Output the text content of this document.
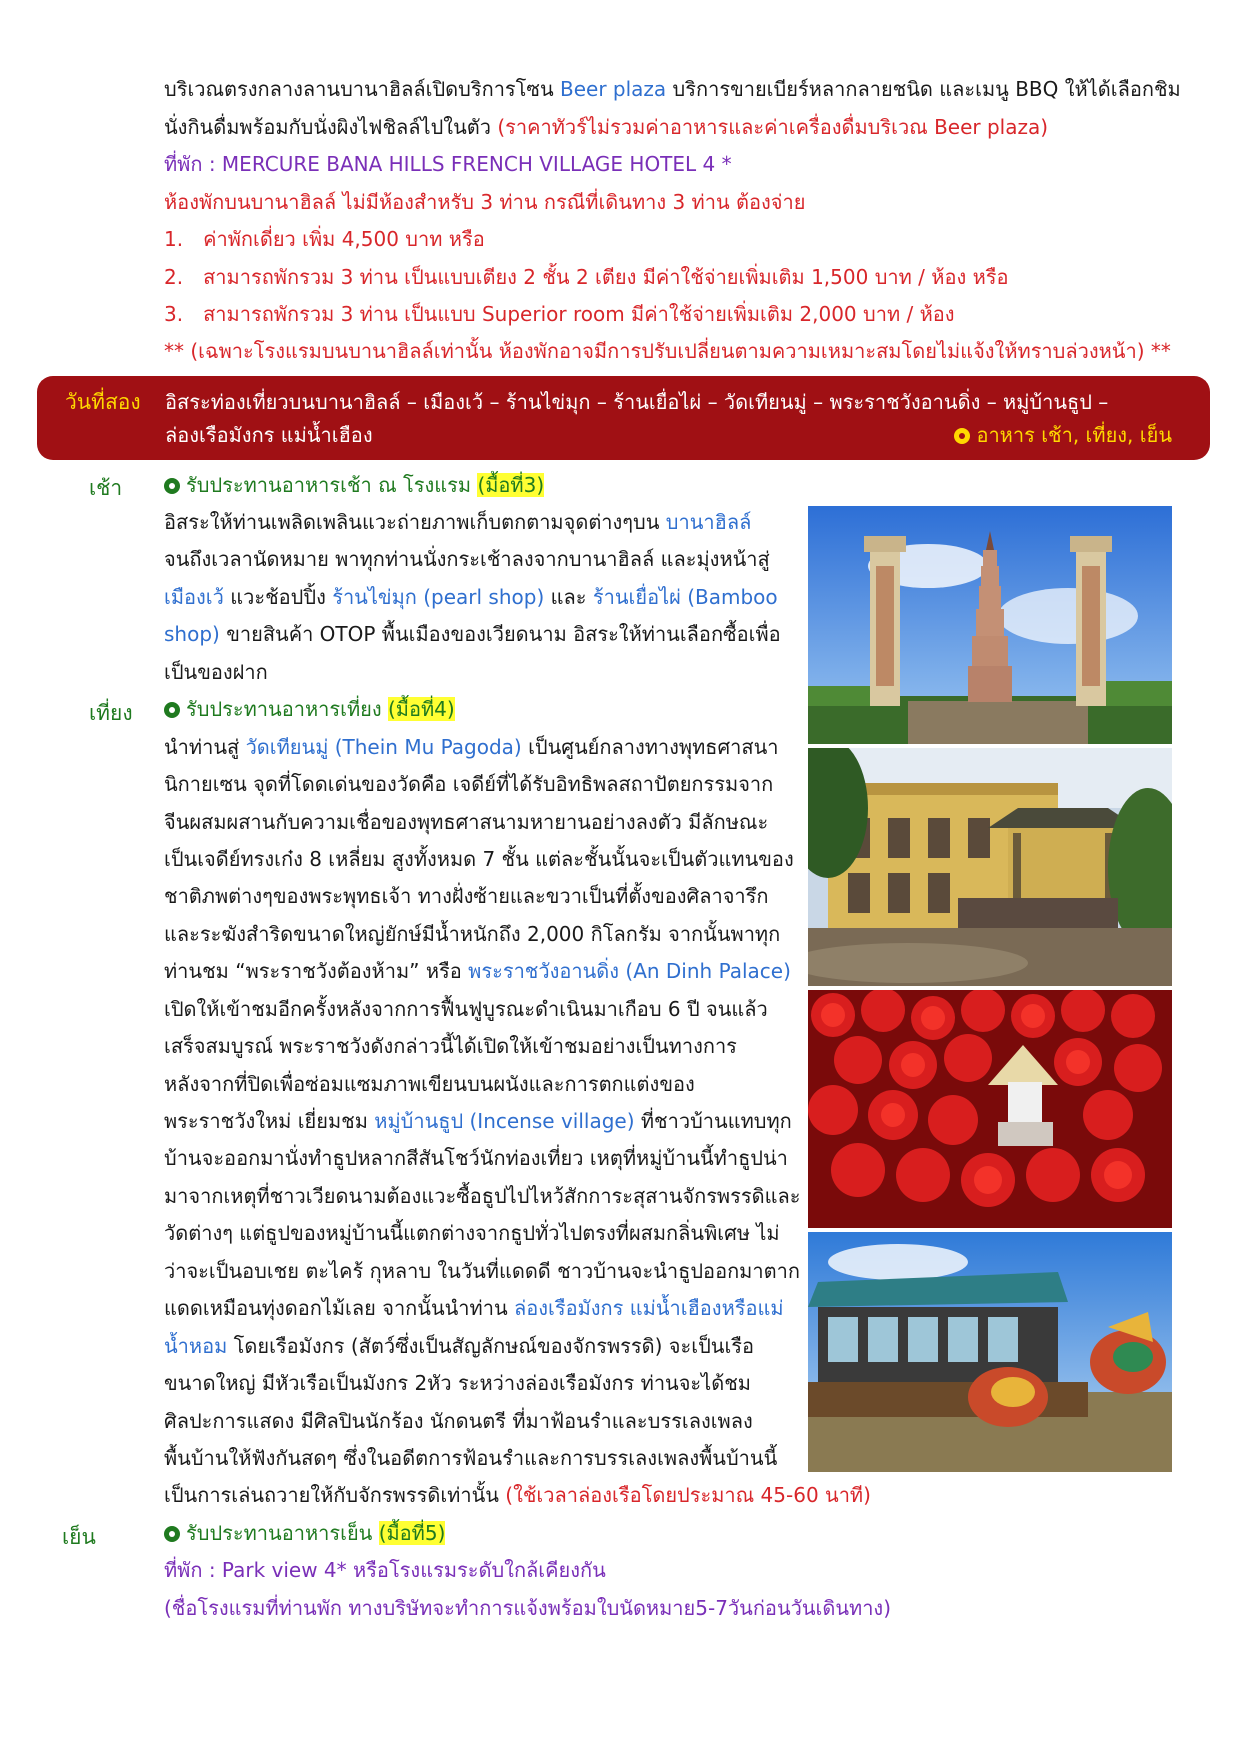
บริเวณตรงกลางลานบานาฮิลล์เปิดบริการโซน Beer plaza บริการขายเบียร์หลากลายชนิด และเมนู BBQ ให้ได้เลือกชิม
นั่งกินดื่มพร้อมกับนั่งผิงไฟชิลล์ไปในตัว (ราคาทัวร์ไม่รวมค่าอาหารและค่าเครื่องดื่มบริเวณ Beer plaza)
ที่พัก : MERCURE BANA HILLS FRENCH VILLAGE HOTEL 4 *
ห้องพักบนบานาฮิลล์ ไม่มีห้องสำหรับ 3 ท่าน กรณีที่เดินทาง 3 ท่าน ต้องจ่าย
1. ค่าพักเดี่ยว เพิ่ม 4,500 บาท หรือ
2. สามารถพักรวม 3 ท่าน เป็นแบบเตียง 2 ชั้น 2 เตียง มีค่าใช้จ่ายเพิ่มเติม 1,500 บาท / ห้อง หรือ
3. สามารถพักรวม 3 ท่าน เป็นแบบ Superior room มีค่าใช้จ่ายเพิ่มเติม 2,000 บาท / ห้อง
** (เฉพาะโรงแรมบนบานาฮิลล์เท่านั้น ห้องพักอาจมีการปรับเปลี่ยนตามความเหมาะสมโดยไม่แจ้งให้ทราบล่วงหน้า) **
วันที่สอง อิสระท่องเที่ยวบนบานาฮิลล์ – เมืองเว้ – ร้านไข่มุก – ร้านเยื่อไผ่ – วัดเทียนมู่ – พระราชวังอานดิ่ง – หมู่บ้านธูป –
ล่องเรือมังกร แม่น้ำเฮือง	อาหาร เช้า, เที่ยง, เย็น
เช้า	รับประทานอาหารเช้า ณ โรงแรม (มื้อที่3)
อิสระให้ท่านเพลิดเพลินแวะถ่ายภาพเก็บตกตามจุดต่างๆบน บานาฮิลล์
จนถึงเวลานัดหมาย พาทุกท่านนั่งกระเช้าลงจากบานาฮิลล์ และมุ่งหน้าสู่
เมืองเว้ แวะช้อปปิ้ง ร้านไข่มุก (pearl shop) และ ร้านเยื่อไผ่ (Bamboo
shop) ขายสินค้า OTOP พื้นเมืองของเวียดนาม อิสระให้ท่านเลือกซื้อเพื่อ
เป็นของฝาก
เที่ยง	รับประทานอาหารเที่ยง (มื้อที่4)
นำท่านสู่ วัดเทียนมู่ (Thein Mu Pagoda) เป็นศูนย์กลางทางพุทธศาสนา
นิกายเซน จุดที่โดดเด่นของวัดคือ เจดีย์ที่ได้รับอิทธิพลสถาปัตยกรรมจาก
จีนผสมผสานกับความเชื่อของพุทธศาสนามหายานอย่างลงตัว มีลักษณะ
เป็นเจดีย์ทรงเก๋ง 8 เหลี่ยม สูงทั้งหมด 7 ชั้น แต่ละชั้นนั้นจะเป็นตัวแทนของ
ชาติภพต่างๆของพระพุทธเจ้า ทางฝั่งซ้ายและขวาเป็นที่ตั้งของศิลาจารึก
และระฆังสำริดขนาดใหญ่ยักษ์มีน้ำหนักถึง 2,000 กิโลกรัม จากนั้นพาทุก
ท่านชม “พระราชวังต้องห้าม” หรือ พระราชวังอานดิ่ง (An Dinh Palace)
เปิดให้เข้าชมอีกครั้งหลังจากการฟื้นฟูบูรณะดำเนินมาเกือบ 6 ปี จนแล้ว
เสร็จสมบูรณ์ พระราชวังดังกล่าวนี้ได้เปิดให้เข้าชมอย่างเป็นทางการ
หลังจากที่ปิดเพื่อซ่อมแซมภาพเขียนบนผนังและการตกแต่งของ
พระราชวังใหม่ เยี่ยมชม หมู่บ้านธูป (Incense village) ที่ชาวบ้านแทบทุก
บ้านจะออกมานั่งทำธูปหลากสีสันโชว์นักท่องเที่ยว เหตุที่หมู่บ้านนี้ทำธูปน่า
มาจากเหตุที่ชาวเวียดนามต้องแวะซื้อธูปไปไหว้สักการะสุสานจักรพรรดิและ
วัดต่างๆ แต่ธูปของหมู่บ้านนี้แตกต่างจากธูปทั่วไปตรงที่ผสมกลิ่นพิเศษ ไม่
ว่าจะเป็นอบเชย ตะไคร้ กุหลาบ ในวันที่แดดดี ชาวบ้านจะนำธูปออกมาตาก
แดดเหมือนทุ่งดอกไม้เลย จากนั้นนำท่าน ล่องเรือมังกร แม่น้ำเฮืองหรือแม่
น้ำหอม โดยเรือมังกร (สัตว์ซึ่งเป็นสัญลักษณ์ของจักรพรรดิ) จะเป็นเรือ
ขนาดใหญ่ มีหัวเรือเป็นมังกร 2หัว ระหว่างล่องเรือมังกร ท่านจะได้ชม
ศิลปะการแสดง มีศิลปินนักร้อง นักดนตรี ที่มาฟ้อนรำและบรรเลงเพลง
พื้นบ้านให้ฟังกันสดๆ ซึ่งในอดีตการฟ้อนรำและการบรรเลงเพลงพื้นบ้านนี้
เป็นการเล่นถวายให้กับจักรพรรดิเท่านั้น (ใช้เวลาล่องเรือโดยประมาณ 45-60 นาที)
เย็น	รับประทานอาหารเย็น (มื้อที่5)
ที่พัก : Park view 4* หรือโรงแรมระดับใกล้เคียงกัน
(ชื่อโรงแรมที่ท่านพัก ทางบริษัทจะทำการแจ้งพร้อมใบนัดหมาย5-7วันก่อนวันเดินทาง)
